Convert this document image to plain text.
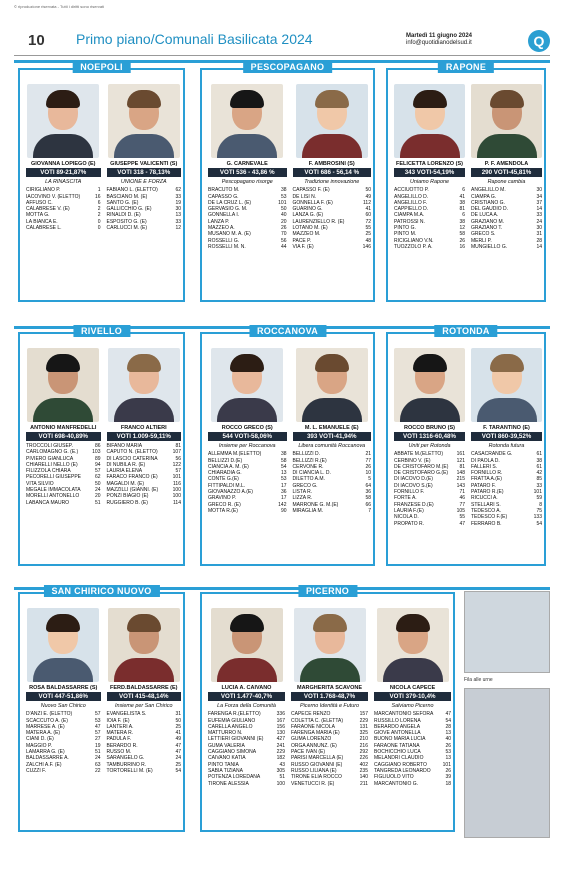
© riproduzione riservata - Tutti i diritti sono riservati
10 Primo piano/Comunali Basilicata 2024	Martedì 11 giugno 2024
info@quotidianodelsud.it	Q
NOEPOLI
GIOVANNA LOPIEGO (E)
VOTI 89-21,87%
LA RINASCITA
CIRIGLIANO P.	1
IACOVINO V. (ELETTO)	16
AFFUSO C.	6
CALABRESE V. (E)	2
MOTTA G.	2
LA BIANCA E.	0
CALABRESE L.	0
GIUSEPPE VALICENTI (S)
VOTI 318 - 78,13%
UNIONE E FORZA
FABIANO L. (ELETTO)	62
BASCIANO M. (E)	33
SANTO G. (E)	19
GALLICCHIO G. (E)	30
RINALDI D. (E)	13
ESPOSITO G. (E)	33
CARLUCCI M. (E)	12
PESCOPAGANO
G. CARNEVALE
VOTI 536 - 43,86 %
Pescopagano risorge
BRACUTO M.	38
CAPASSO G.	53
DE LA CRUZ L. (E)	101
GERVASIO G. M.	50
GONNELLA I.	40
LANZA P.	20
MAZZEO A.	26
MUSANO M. A. (E)	70
ROSSELLI G.	56
ROSSELLI M. N.	44
F. AMBROSINI (S)
VOTI 686 - 56,14 %
Tradizione innovazione
CAPASSO F. (E)	50
DE LISI N.	49
GONNELLA F. (E)	112
GUARINO G.	41
LANZA G. (E)	60
LAURENZIELLO R. (E)	72
LOTANO M. (E)	55
MAZZEO M.	25
PACE P.	48
VIA F. (E)	146
RAPONE
FELICETTA LORENZO (S)
343 VOTI-54,19%
Uniamo Rapone
ACCIUOTTO P.	6
ANGELILLO D.	41
ANGELILLO F.	38
CAPPIELLO D.	81
CIAMPA M.A.	6
PATROSSI N.	38
PINTO G.	12
PINTO M.	58
RICIGLIANO V.N.	26
TUOZZOLO P. A.	16
P. F. AMENDOLA
290 VOTI-45,81%
Rapone cambia
ANGELILLO M.	30
CIAMPA G.	34
CRISTIANO G.	37
DEL GAUDIO D.	14
DE LUCA A.	33
GRAZIANO M.	24
GRAZIANO T.	30
GRECO S.	31
MERLI P.	28
MUNGIELLO G.	14
RIVELLO
ANTONIO MANFREDELLI
VOTI 698-40,89%
TROCCOLI GIUSEP.	86
CARLOMAGNO G. (E.)	103
PIVIERO GIANLUCA	89
CHIARELLI NELLO (E)	94
FILIZZOLA CHIARA	57
PECORELLI GIUSEPPE	62
VITA SILVIO	50
MEGALE IMMACOLATA	24
MORELLI ANTONELLO	20
LABANCA MAURO	51
FRANCO ALTIERI
VOTI 1.009-59,11%
BIFANO MARIA	81
CAPUTO N. (ELETTO)	107
DI LASCIO CATERINA	56
DI NUBILA R. (E)	122
LAURIA ELENA	57
FARACO FRANCO (E)	101
MAGALDI M. (E)	116
MAZZILLI (GIANNI. (E)	100
PONZI BIAGIO (E)	100
RUGGIERO B. (E)	114
ROCCANOVA
ROCCO GRECO (S)
544 VOTI-58,06%
Insieme per Roccanova
ALLEMMA M.(ELETTO)	38
BELLIZZI D.(E)	58
CIANCIA A. M. (E)	54
CHIARADIA G.	13
CONTE G.(E)	53
FITTIPALDI M.L.	17
GIOVANAZZO A.(E)	36
GRAVINO P.	17
GRECO R. (E)	142
MOTTA R.(E)	90
M. L. EMANUELE (E)
393 VOTI-41,94%
Libera comunità Roccanova
BELLIZZI D.	21
BELLIZZI R.(E)	77
CERVONE R.	26
DI CIANCIA L. D.	10
DILETTO A.M.	5
GRECO G.	64
LISTA R.	36
LIZZA R.	58
MARRONE G. M.(E)	66
MIRAGLIA M.	7
ROTONDA
ROCCO BRUNO (S)
VOTI 1316-60,48%
Uniti per Rotonda
ABBATE M.(ELETTO)	161
CERBINO V. (E)	121
DE CRISTOFARO M.(E) 81
DE CRISTOFARO G.(E) 148
DI IACOVO D.(E)	215
DI IACOVO S.(E)	143
FORNILLO F.	71
FORTE A.	46
FRANZESE D.(E)	77
LAURIA F.(E)	105
NICOLA D.	55
PROPATO R.	47
F. TARANTINO (E)
VOTI 860-39,52%
Rotonda futura
CASACRANDE G.	61
DI PAOLA D.	38
FALLERI S.	61
FORNILLO R.	42
FRATTA A.(E)	85
PATARO F.	33
PATARO R.(E)	101
RICUCCI A.	59
STELLARI S.	8
TEDESCO A.	75
TEDESCO F.(E)	133
FERRARO B.	54
SAN CHIRICO NUOVO
ROSA BALDASSARRE (S)
VOTI 447-51,86%
Nuovo San Chirico
D'ANZI E. (ELETTO)	57
SCACCUTO A. (E)	53
MARRESE A. (E)	47
MATERA A. (E)	57
CIANI D. (E)	27
MAGGIO P.	19
LAMARRA G. (E)	51
BALDASSARRE A.	24
ZALCHI A.F. (E)	63
CUZZI F.	22
FERD.BALDASSARRE (E)
VOTI 415-48,14%
Insieme per San Chirico
EVANGELISTA S.	31
IOIA F. (E)	50
LANTERI A.	25
MATERA R.	41
PADULA F.	49
BERARDO R.	47
RUSSO M.	47
SARANGELO G.	24
TAMBURRINO R.	25
TORTORELLI M. (E)	54
PICERNO
LUCIA A. CAIVANO
VOTI 1.477-40,7%
La Forza della Comunità
FARENGA R.(ELETTO)	336
EUFEMIA GIULIANO	167
CARELLA ANGELO	156
MATTURRO N.	130
LETTIERI GIOVANNI (E)	427
GUMA VALERIA	241
CAGGIANO SIMONA	229
CAIVANO KATIA	182
PINTO TANIA	43
SABIA TIZIANA	305
POTENZA LOREDANA	51
TIRONE ALESSIA	100
MARGHERITA SCAVONE
VOTI 1.768-48,7%
Picerno Identità e Futuro
CAPECE RENZO	157
COLETTA C. (ELETTA)	229
FARAONE NICOLA	131
FARENGA MARIA (E)	325
GUMA LORENZO	210
ORGA ANNUNZ. (E)	216
PACE IVAN (E)	292
PARISI MARCELLA (E)	226
RUSSO GIOVANNI (E)	402
RUSSO LILIANA (E)	235
TIRONE ELIA ROCCO	140
VENETUCCI R. (E)	211
NICOLA CAPECE
VOTI 379-10,4%
Salviamo Picerno
MARCANTONIO SEFORA 47
RUSSILLO LORENA	54
BERARDO ANGELA	28
GIOVE ANTONELLA	13
BUONO MARIA LUCIA	40
FARAONE TATIANA	26
BOCHICCHIO LUCA	53
MELANDRI CLAUDIO	13
CAGGIANO ROBERTO	101
TANGREDA LEONARDO	26
FIGLIUOLO VITO	39
MARCANTONIO G.	18
Fila alle urne
